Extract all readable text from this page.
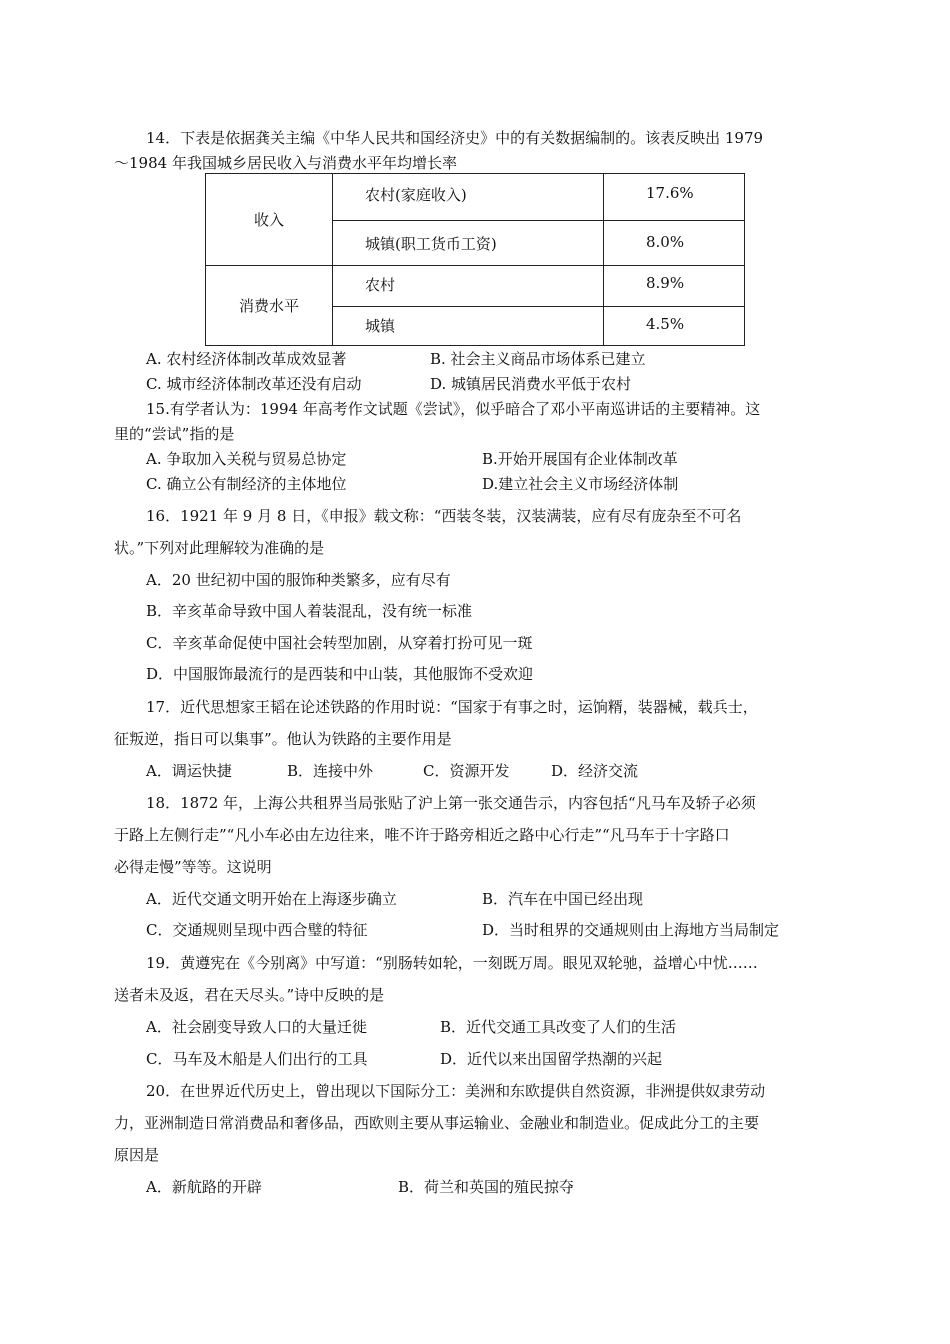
14．下表是依据龚关主编《中华人民共和国经济史》中的有关数据编制的。该表反映出 1979
～1984 年我国城乡居民收入与消费水平年均增长率
收入	农村(家庭收入)	17.6%

	城镇(职工货币工资)	8.0%

消费水平	农村	8.9%

	城镇	4.5%
A. 农村经济体制改革成效显著	B. 社会主义商品市场体系已建立
C. 城市经济体制改革还没有启动	D. 城镇居民消费水平低于农村
15.有学者认为：1994 年高考作文试题《尝试》，似乎暗合了邓小平南巡讲话的主要精神。这
里的“尝试”指的是
A. 争取加入关税与贸易总协定	B.开始开展国有企业体制改革
C. 确立公有制经济的主体地位	D.建立社会主义市场经济体制
16．1921 年 9 月 8 日，《申报》载文称：“西装冬装，汉装满装，应有尽有庞杂至不可名
状。”下列对此理解较为准确的是
A．20 世纪初中国的服饰种类繁多，应有尽有
B．辛亥革命导致中国人着装混乱，没有统一标准
C．辛亥革命促使中国社会转型加剧，从穿着打扮可见一斑
D．中国服饰最流行的是西装和中山装，其他服饰不受欢迎
17．近代思想家王韬在论述铁路的作用时说：“国家于有事之时，运饷糈，装器械，载兵士，
征叛逆，指日可以集事”。他认为铁路的主要作用是
A．调运快捷	B．连接中外	C．资源开发	D．经济交流
18．1872 年，上海公共租界当局张贴了沪上第一张交通告示，内容包括“凡马车及轿子必须
于路上左侧行走”“凡小车必由左边往来，唯不许于路旁相近之路中心行走”“凡马车于十字路口
必得走慢”等等。这说明
A．近代交通文明开始在上海逐步确立	B．汽车在中国已经出现
C．交通规则呈现中西合璧的特征	D．当时租界的交通规则由上海地方当局制定
19．黄遵宪在《今别离》中写道：“别肠转如轮，一刻既万周。眼见双轮驰，益增心中忧……
送者未及返，君在天尽头。”诗中反映的是
A．社会剧变导致人口的大量迁徙	B．近代交通工具改变了人们的生活
C．马车及木船是人们出行的工具	D．近代以来出国留学热潮的兴起
20．在世界近代历史上，曾出现以下国际分工：美洲和东欧提供自然资源，非洲提供奴隶劳动
力，亚洲制造日常消费品和奢侈品，西欧则主要从事运输业、金融业和制造业。促成此分工的主要
原因是
A．新航路的开辟	B．荷兰和英国的殖民掠夺
